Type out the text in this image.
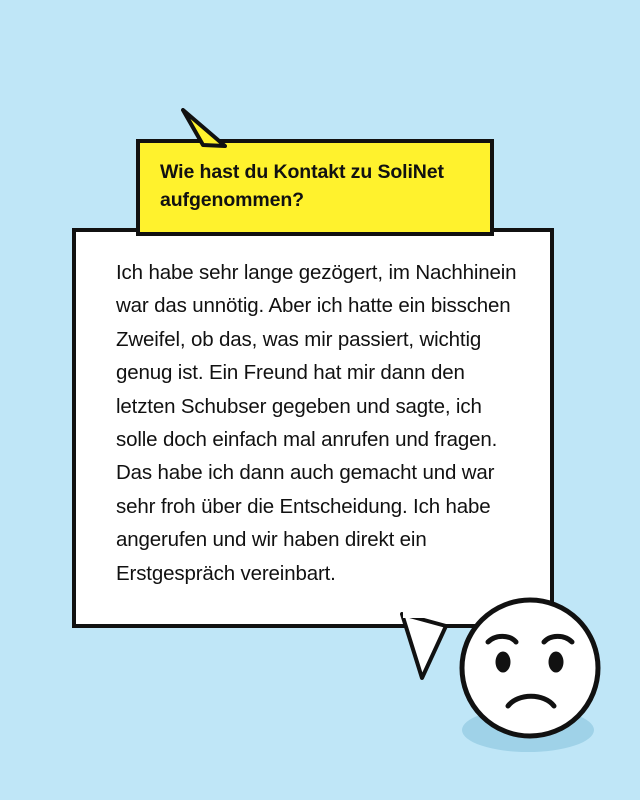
Wie hast du Kontakt zu SoliNet aufgenommen?
Ich habe sehr lange gezögert, im Nachhinein war das unnötig. Aber ich hatte ein bisschen Zweifel, ob das, was mir passiert, wichtig genug ist. Ein Freund hat mir dann den letzten Schubser gegeben und sagte, ich solle doch einfach mal anrufen und fragen. Das habe ich dann auch gemacht und war sehr froh über die Entscheidung. Ich habe angerufen und wir haben direkt ein Erstgespräch vereinbart.
